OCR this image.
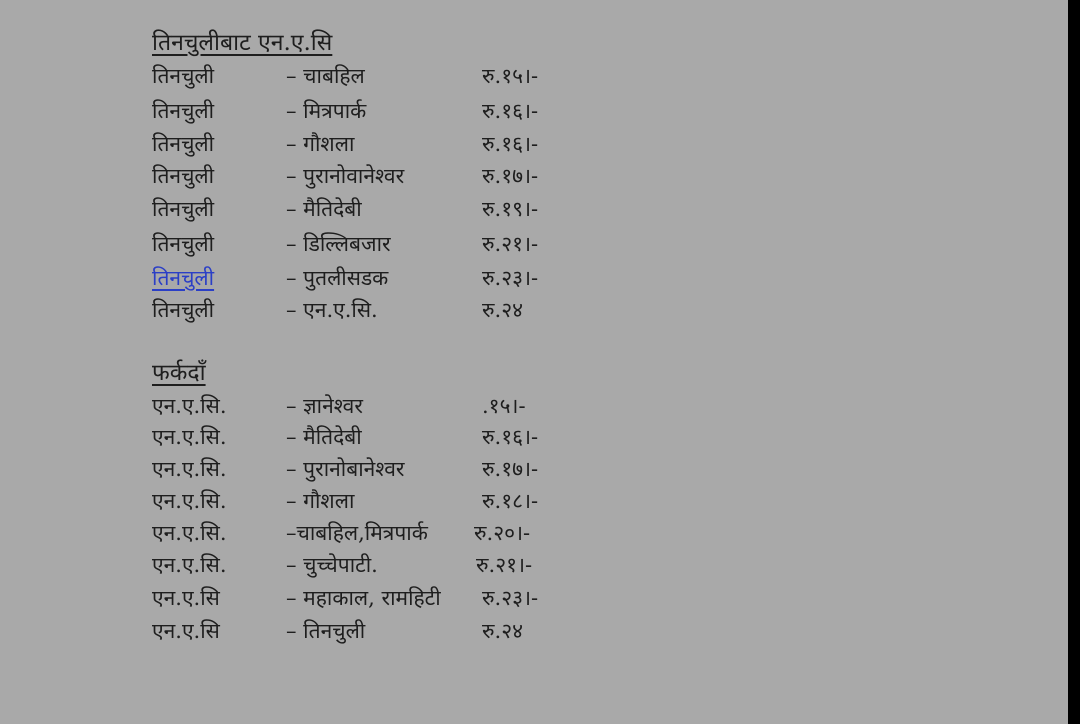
तिनचुलीबाट एन.ए.सि
तिनचुली	– चाबहिल	रु.१५।-
तिनचुली	– मित्रपार्क	रु.१६।-
तिनचुली	– गौशला	रु.१६।-
तिनचुली	– पुरानोवानेश्वर	रु.१७।-
तिनचुली	– मैतिदेबी	रु.१९।-
तिनचुली	– डिल्लिबजार	रु.२१।-
तिनचुली	– पुतलीसडक	रु.२३।-
तिनचुली	– एन.ए.सि.	रु.२४
फर्कदाँ
एन.ए.सि.	– ज्ञानेश्वर	.१५।-
एन.ए.सि.	– मैतिदेबी	रु.१६।-
एन.ए.सि.	– पुरानोबानेश्वर	रु.१७।-
एन.ए.सि.	– गौशला	रु.१८।-
एन.ए.सि.	–चाबहिल,मित्रपार्क रु.२०।-
एन.ए.सि.	– चुच्चेपाटी.	रु.२१।-
एन.ए.सि	– महाकाल, रामहिटी रु.२३।-
एन.ए.सि	– तिनचुली	रु.२४
